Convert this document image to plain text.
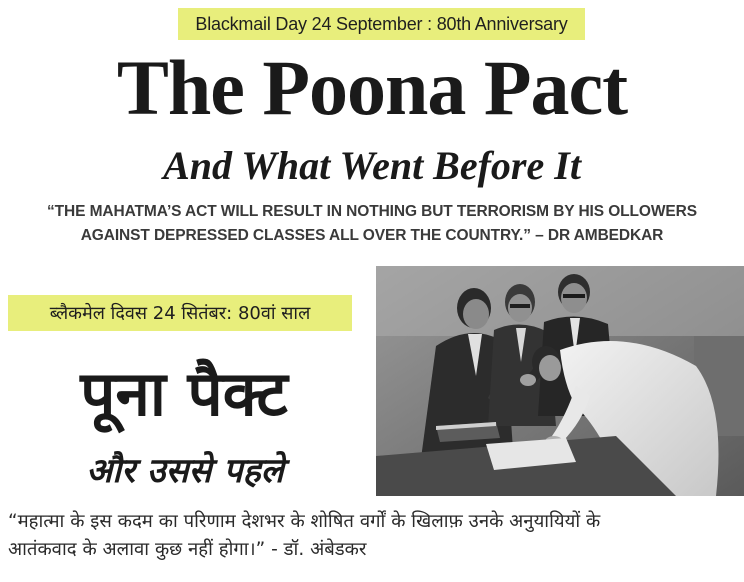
Blackmail Day 24 September : 80th Anniversary
The Poona Pact
And What Went Before It
“THE MAHATMA’S ACT WILL RESULT IN NOTHING BUT TERRORISM BY HIS OLLOWERS
AGAINST DEPRESSED CLASSES ALL OVER THE COUNTRY.” – DR AMBEDKAR
ब्लैकमेल दिवस 24 सितंबर: 80वां साल
पूना पैक्ट
और उससे पहले
“महात्मा के इस कदम का परिणाम देशभर के शोषित वर्गों के खिलाफ़ उनके अनुयायियों के
आतंकवाद के अलावा कुछ नहीं होगा।” - डॉ. अंबेडकर
